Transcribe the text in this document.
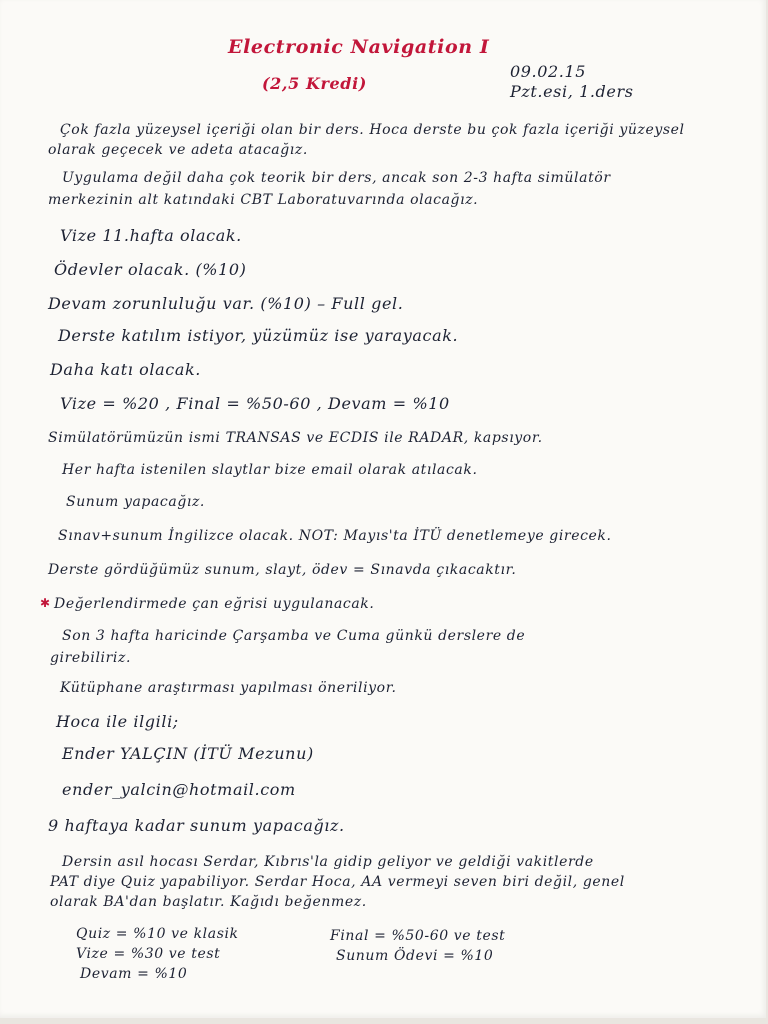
Electronic Navigation I
(2,5 Kredi)
09.02.15
Pzt.esi, 1.ders
Çok fazla yüzeysel içeriği olan bir ders. Hoca derste bu çok fazla içeriği yüzeysel
olarak geçecek ve adeta atacağız.
Uygulama değil daha çok teorik bir ders, ancak son 2-3 hafta simülatör
merkezinin alt katındaki CBT Laboratuvarında olacağız.
Vize 11.hafta olacak.
Ödevler olacak. (%10)
Devam zorunluluğu var. (%10) – Full gel.
Derste katılım istiyor, yüzümüz ise yarayacak.
Daha katı olacak.
Vize = %20 , Final = %50-60 , Devam = %10
Simülatörümüzün ismi TRANSAS ve ECDIS ile RADAR, kapsıyor.
Her hafta istenilen slaytlar bize email olarak atılacak.
Sunum yapacağız.
Sınav+sunum İngilizce olacak. NOT: Mayıs'ta İTÜ denetlemeye girecek.
Derste gördüğümüz sunum, slayt, ödev = Sınavda çıkacaktır.
✱ Değerlendirmede çan eğrisi uygulanacak.
Son 3 hafta haricinde Çarşamba ve Cuma günkü derslere de
girebiliriz.
Kütüphane araştırması yapılması öneriliyor.
Hoca ile ilgili;
Ender YALÇIN (İTÜ Mezunu)
ender_yalcin@hotmail.com
9 haftaya kadar sunum yapacağız.
Dersin asıl hocası Serdar, Kıbrıs'la gidip geliyor ve geldiği vakitlerde
PAT diye Quiz yapabiliyor. Serdar Hoca, AA vermeyi seven biri değil, genel
olarak BA'dan başlatır. Kağıdı beğenmez.
Quiz = %10 ve klasik
Vize = %30 ve test
Devam = %10
Final = %50-60 ve test
Sunum Ödevi = %10
